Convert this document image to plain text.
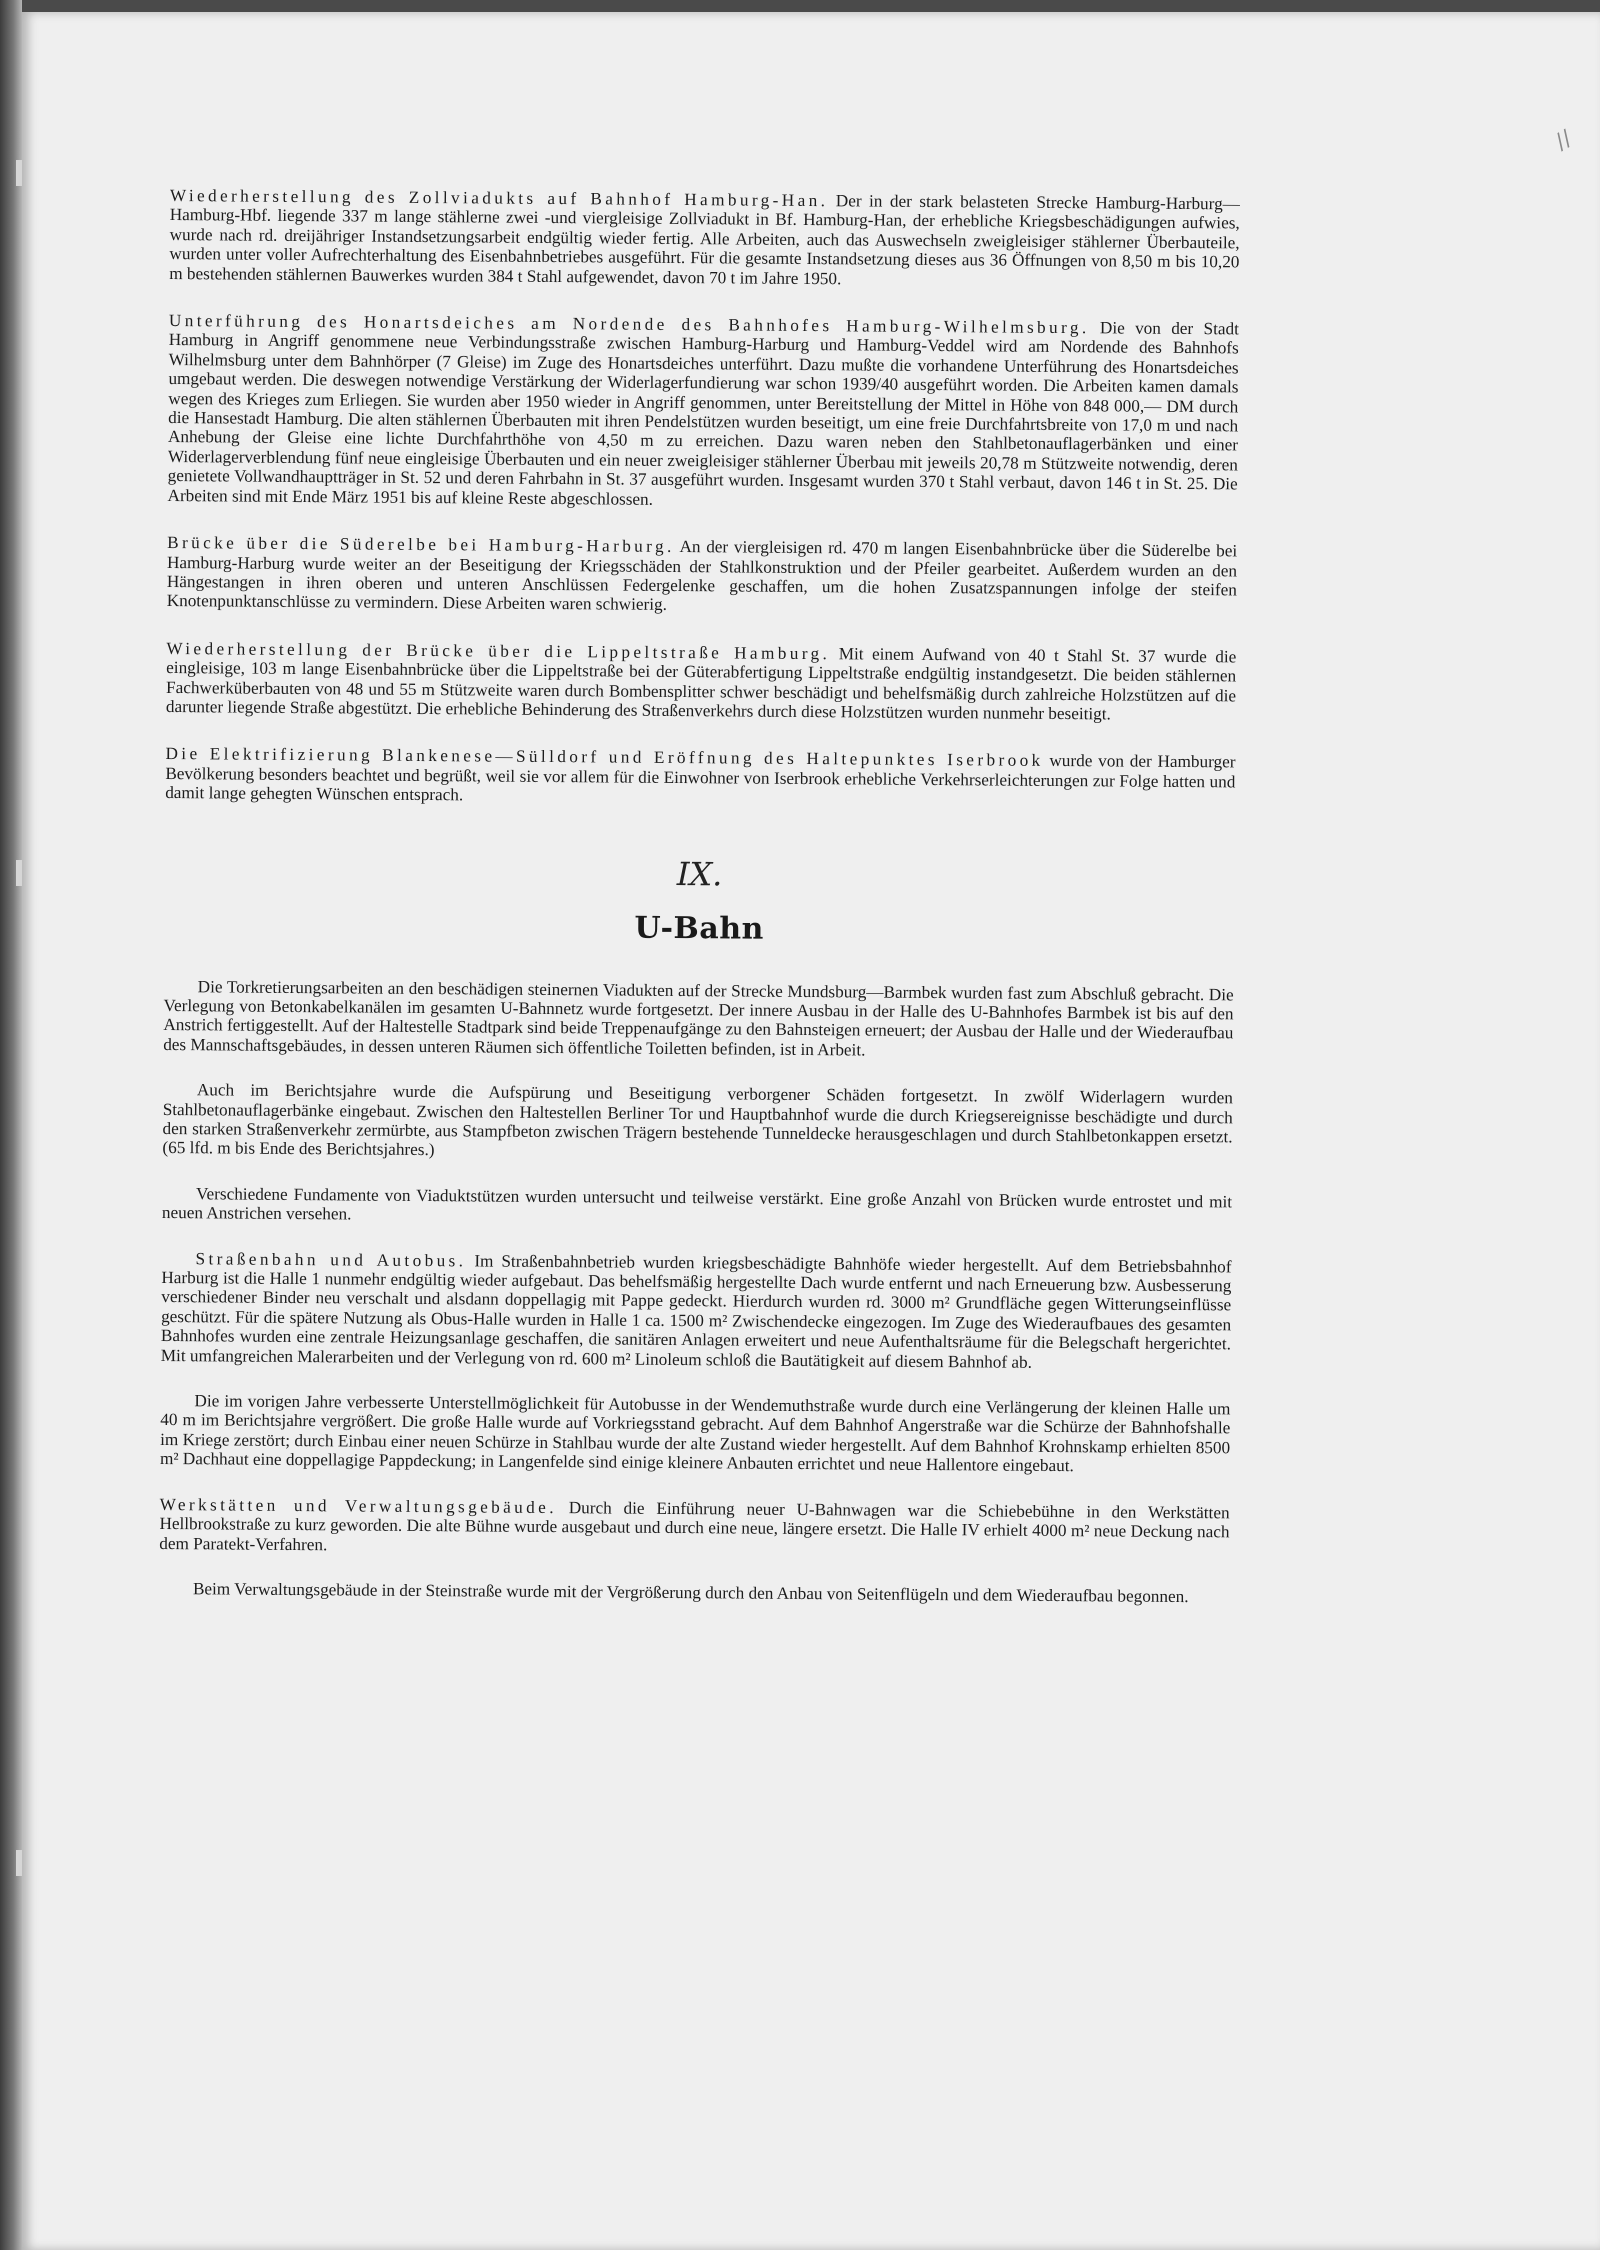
//

Wiederherstellung des Zollviadukts auf Bahnhof Hamburg-Han. Der in der stark belasteten Strecke Hamburg-Harburg—Hamburg-Hbf. liegende 337 m lange stählerne zwei -und viergleisige Zollviadukt in Bf. Hamburg-Han, der erhebliche Kriegsbeschädigungen aufwies, wurde nach rd. dreijähriger Instandsetzungsarbeit endgültig wieder fertig. Alle Arbeiten, auch das Auswechseln zweigleisiger stählerner Überbauteile, wurden unter voller Aufrechterhaltung des Eisenbahnbetriebes ausgeführt. Für die gesamte Instandsetzung dieses aus 36 Öffnungen von 8,50 m bis 10,20 m bestehenden stählernen Bauwerkes wurden 384 t Stahl aufgewendet, davon 70 t im Jahre 1950.

Unterführung des Honartsdeiches am Nordende des Bahnhofes Hamburg-Wilhelmsburg. Die von der Stadt Hamburg in Angriff genommene neue Verbindungsstraße zwischen Hamburg-Harburg und Hamburg-Veddel wird am Nordende des Bahnhofs Wilhelmsburg unter dem Bahnhörper (7 Gleise) im Zuge des Honartsdeiches unterführt. Dazu mußte die vorhandene Unterführung des Honartsdeiches umgebaut werden. Die deswegen notwendige Verstärkung der Widerlagerfundierung war schon 1939/40 ausgeführt worden. Die Arbeiten kamen damals wegen des Krieges zum Erliegen. Sie wurden aber 1950 wieder in Angriff genommen, unter Bereitstellung der Mittel in Höhe von 848 000,— DM durch die Hansestadt Hamburg. Die alten stählernen Überbauten mit ihren Pendelstützen wurden beseitigt, um eine freie Durchfahrtsbreite von 17,0 m und nach Anhebung der Gleise eine lichte Durchfahrthöhe von 4,50 m zu erreichen. Dazu waren neben den Stahlbetonauflagerbänken und einer Widerlagerverblendung fünf neue eingleisige Überbauten und ein neuer zweigleisiger stählerner Überbau mit jeweils 20,78 m Stützweite notwendig, deren genietete Vollwandhauptträger in St. 52 und deren Fahrbahn in St. 37 ausgeführt wurden. Insgesamt wurden 370 t Stahl verbaut, davon 146 t in St. 25. Die Arbeiten sind mit Ende März 1951 bis auf kleine Reste abgeschlossen.

Brücke über die Süderelbe bei Hamburg-Harburg. An der viergleisigen rd. 470 m langen Eisenbahnbrücke über die Süderelbe bei Hamburg-Harburg wurde weiter an der Beseitigung der Kriegsschäden der Stahlkonstruktion und der Pfeiler gearbeitet. Außerdem wurden an den Hängestangen in ihren oberen und unteren Anschlüssen Federgelenke geschaffen, um die hohen Zusatzspannungen infolge der steifen Knotenpunktanschlüsse zu vermindern. Diese Arbeiten waren schwierig.

Wiederherstellung der Brücke über die Lippeltstraße Hamburg. Mit einem Aufwand von 40 t Stahl St. 37 wurde die eingleisige, 103 m lange Eisenbahnbrücke über die Lippeltstraße bei der Güterabfertigung Lippeltstraße endgültig instandgesetzt. Die beiden stählernen Fachwerküberbauten von 48 und 55 m Stützweite waren durch Bombensplitter schwer beschädigt und behelfsmäßig durch zahlreiche Holzstützen auf die darunter liegende Straße abgestützt. Die erhebliche Behinderung des Straßenverkehrs durch diese Holzstützen wurden nunmehr beseitigt.

Die Elektrifizierung Blankenese—Sülldorf und Eröffnung des Haltepunktes Iserbrook wurde von der Hamburger Bevölkerung besonders beachtet und begrüßt, weil sie vor allem für die Einwohner von Iserbrook erhebliche Verkehrserleichterungen zur Folge hatten und damit lange gehegten Wünschen entsprach.

IX.
U-Bahn

Die Torkretierungsarbeiten an den beschädigen steinernen Viadukten auf der Strecke Mundsburg—Barmbek wurden fast zum Abschluß gebracht. Die Verlegung von Betonkabelkanälen im gesamten U-Bahnnetz wurde fortgesetzt. Der innere Ausbau in der Halle des U-Bahnhofes Barmbek ist bis auf den Anstrich fertiggestellt. Auf der Haltestelle Stadtpark sind beide Treppenaufgänge zu den Bahnsteigen erneuert; der Ausbau der Halle und der Wiederaufbau des Mannschaftsgebäudes, in dessen unteren Räumen sich öffentliche Toiletten befinden, ist in Arbeit.

Auch im Berichtsjahre wurde die Aufspürung und Beseitigung verborgener Schäden fortgesetzt. In zwölf Widerlagern wurden Stahlbetonauflagerbänke eingebaut. Zwischen den Haltestellen Berliner Tor und Hauptbahnhof wurde die durch Kriegsereignisse beschädigte und durch den starken Straßenverkehr zermürbte, aus Stampfbeton zwischen Trägern bestehende Tunneldecke herausgeschlagen und durch Stahlbetonkappen ersetzt. (65 lfd. m bis Ende des Berichtsjahres.)

Verschiedene Fundamente von Viaduktstützen wurden untersucht und teilweise verstärkt. Eine große Anzahl von Brücken wurde entrostet und mit neuen Anstrichen versehen.

Straßenbahn und Autobus. Im Straßenbahnbetrieb wurden kriegsbeschädigte Bahnhöfe wieder hergestellt. Auf dem Betriebsbahnhof Harburg ist die Halle 1 nunmehr endgültig wieder aufgebaut. Das behelfsmäßig hergestellte Dach wurde entfernt und nach Erneuerung bzw. Ausbesserung verschiedener Binder neu verschalt und alsdann doppellagig mit Pappe gedeckt. Hierdurch wurden rd. 3000 m² Grundfläche gegen Witterungseinflüsse geschützt. Für die spätere Nutzung als Obus-Halle wurden in Halle 1 ca. 1500 m² Zwischendecke eingezogen. Im Zuge des Wiederaufbaues des gesamten Bahnhofes wurden eine zentrale Heizungsanlage geschaffen, die sanitären Anlagen erweitert und neue Aufenthaltsräume für die Belegschaft hergerichtet. Mit umfangreichen Malerarbeiten und der Verlegung von rd. 600 m² Linoleum schloß die Bautätigkeit auf diesem Bahnhof ab.

Die im vorigen Jahre verbesserte Unterstellmöglichkeit für Autobusse in der Wendemuthstraße wurde durch eine Verlängerung der kleinen Halle um 40 m im Berichtsjahre vergrößert. Die große Halle wurde auf Vorkriegsstand gebracht. Auf dem Bahnhof Angerstraße war die Schürze der Bahnhofshalle im Kriege zerstört; durch Einbau einer neuen Schürze in Stahlbau wurde der alte Zustand wieder hergestellt. Auf dem Bahnhof Krohnskamp erhielten 8500 m² Dachhaut eine doppellagige Pappdeckung; in Langenfelde sind einige kleinere Anbauten errichtet und neue Hallentore eingebaut.

Werkstätten und Verwaltungsgebäude. Durch die Einführung neuer U-Bahnwagen war die Schiebebühne in den Werkstätten Hellbrookstraße zu kurz geworden. Die alte Bühne wurde ausgebaut und durch eine neue, längere ersetzt. Die Halle IV erhielt 4000 m² neue Deckung nach dem Paratekt-Verfahren.

Beim Verwaltungsgebäude in der Steinstraße wurde mit der Vergrößerung durch den Anbau von Seitenflügeln und dem Wiederaufbau begonnen.
